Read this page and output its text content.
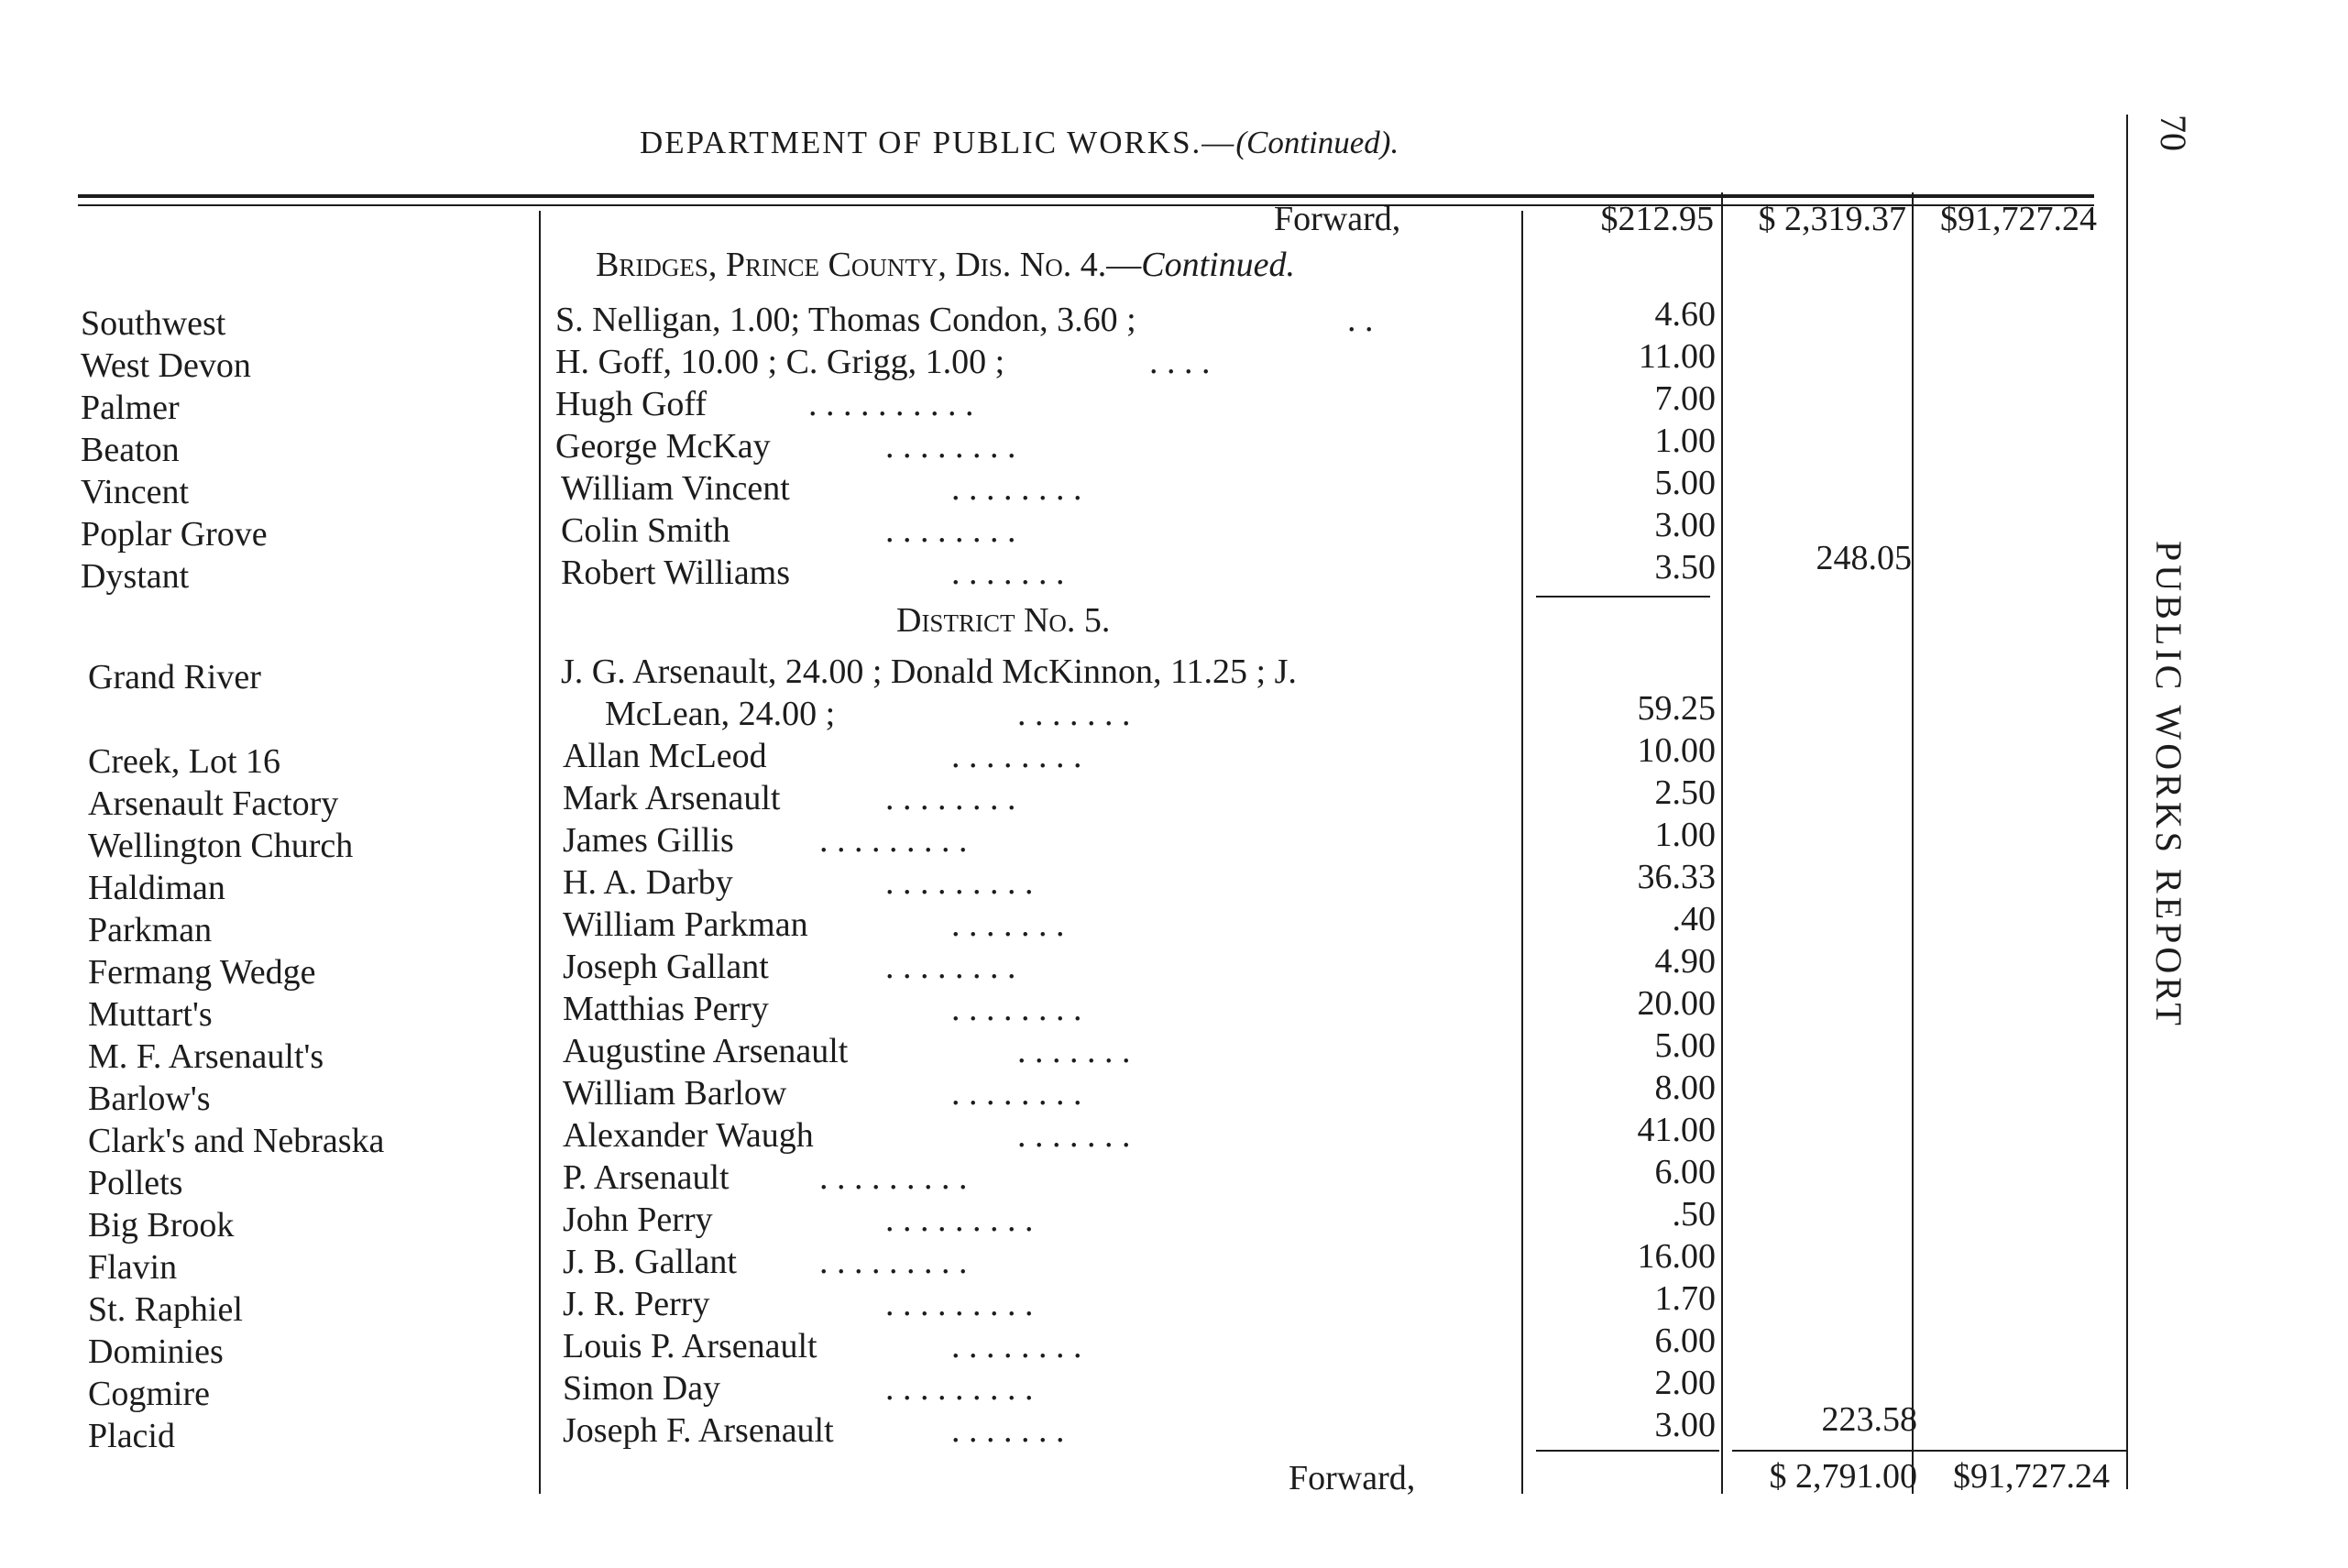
DEPARTMENT OF PUBLIC WORKS.—(Continued).
PUBLIC WORKS REPORT
70
Forward,	$212.95	$ 2,319.37 $91,727.24
Bridges, Prince County, Dis. No. 4.—Continued.
Southwest	S. Nelligan, 1.00; Thomas Condon, 3.60 ;	. .	4.60
West Devon	H. Goff, 10.00 ; C. Grigg, 1.00 ;	. . . .	11.00
Palmer	Hugh Goff	. . . . . . . . . .	7.00
Beaton	George McKay	. . . . . . . .	1.00
Vincent	William Vincent	. . . . . . . .	5.00
Poplar Grove	Colin Smith	. . . . . . . .	3.00
Dystant	Robert Williams	. . . . . . .	3.50	248.05
District No. 5.
Grand River	J. G. Arsenault, 24.00 ; Donald McKinnon, 11.25 ; J.
McLean, 24.00 ;	. . . . . . .	59.25
Creek, Lot 16	Allan McLeod	. . . . . . . .	10.00
Arsenault Factory	Mark Arsenault	. . . . . . . .	2.50
Wellington Church	James Gillis . . . . . . . . .	1.00
Haldiman	H. A. Darby	. . . . . . . . .	36.33
Parkman	William Parkman	. . . . . . .	.40
Fermang Wedge	Joseph Gallant	. . . . . . . .	4.90
Muttart's	Matthias Perry	. . . . . . . .	20.00
M. F. Arsenault's	Augustine Arsenault	. . . . . . .	5.00
Barlow's	William Barlow	. . . . . . . .	8.00
Clark's and Nebraska	Alexander Waugh	. . . . . . .	41.00
Pollets	P. Arsenault	. . . . . . . . .	6.00
Big Brook	John Perry	. . . . . . . . .	.50
Flavin	J. B. Gallant . . . . . . . . .	16.00
St. Raphiel	J. R. Perry	. . . . . . . . .	1.70
Dominies	Louis P. Arsenault	. . . . . . . .	6.00
Cogmire	Simon Day	. . . . . . . . .	2.00
Placid	Joseph F. Arsenault	. . . . . . .	3.00	223.58
Forward,	$ 2,791.00	$91,727.24
